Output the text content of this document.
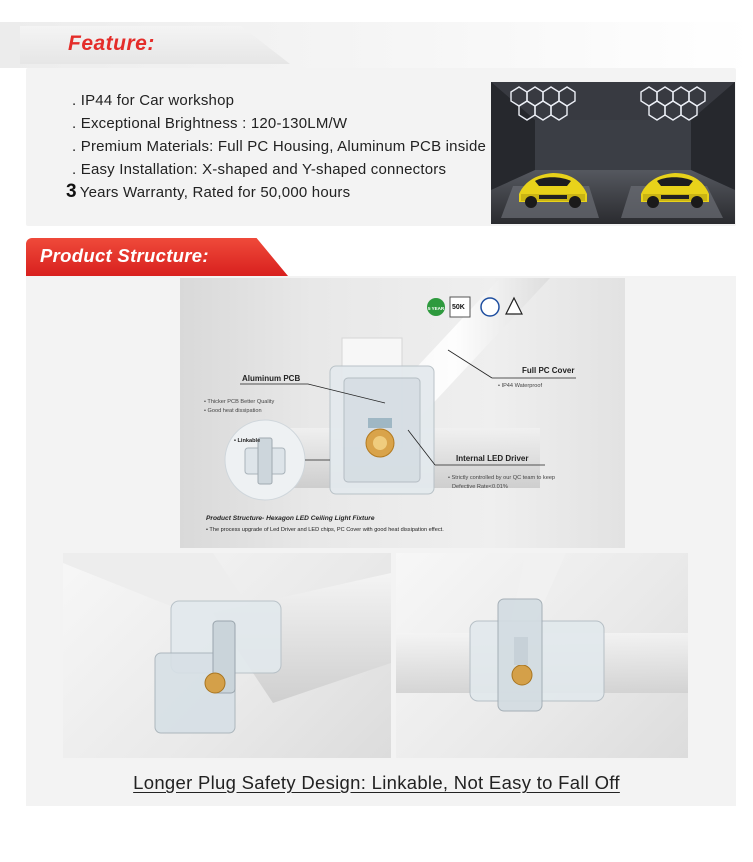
Feature:
. IP44 for Car workshop
. Exceptional Brightness : 120-130LM/W
. Premium Materials: Full PC Housing, Aluminum PCB inside
. Easy Installation: X-shaped and Y-shaped connectors
3 Years Warranty, Rated for 50,000 hours
Product Structure:
5 YEAR 50K
Aluminum PCB
• Thicker PCB Better Quality
• Good heat dissipation
• Linkable
Full PC Cover
• IP44 Waterproof
Internal LED Driver
• Strictly controlled by our QC team to keep
Defective Rate<0.01%
Product Structure- Hexagon LED Ceiling Light Fixture
• The process upgrade of Led Driver and LED chips, PC Cover with good heat dissipation effect.
Longer Plug Safety Design: Linkable, Not Easy to Fall Off
